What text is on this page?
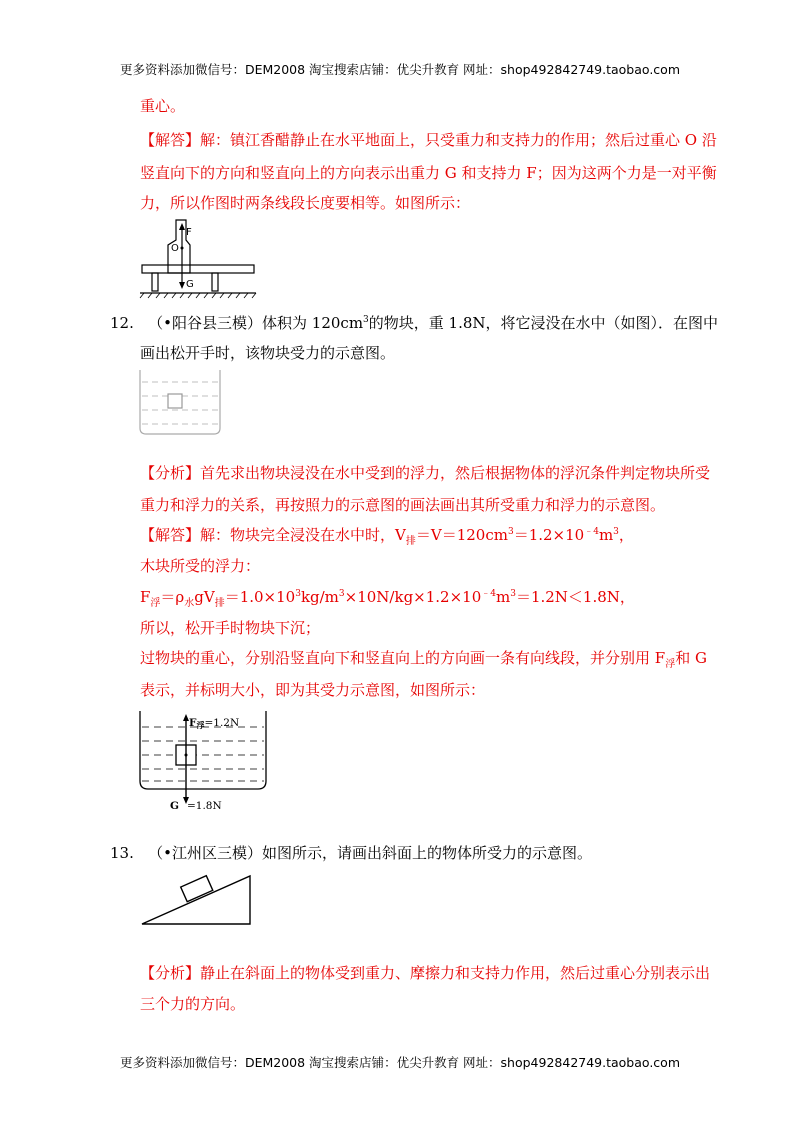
更多资料添加微信号：DEM2008 淘宝搜索店铺：优尖升教育 网址：shop492842749.taobao.com
重心。
【解答】解：镇江香醋静止在水平地面上，只受重力和支持力的作用；然后过重心 O 沿
竖直向下的方向和竖直向上的方向表示出重力 G 和支持力 F；因为这两个力是一对平衡
力，所以作图时两条线段长度要相等。如图所示：
F
O
G
12. （•阳谷县三模）体积为 $120cm^3$的物块，重 1.8N，将它浸没在水中（如图）．在图中
画出松开手时，该物块受力的示意图。
【分析】首先求出物块浸没在水中受到的浮力，然后根据物体的浮沉条件判定物块所受
重力和浮力的关系，再按照力的示意图的画法画出其所受重力和浮力的示意图。
【解答】解：物块完全浸没在水中时，$V_排=V=120cm^3=1.2\times 10^{﹣4}m^3$，
木块所受的浮力：
$F_浮=\rho_水gV_排=1.0\times 10^3kg/m^3\times 10N/kg\times 1.2\times 10^{﹣4}m^3=1.2N<1.8N$，
所以，松开手时物块下沉；
过物块的重心，分别沿竖直向下和竖直向上的方向画一条有向线段，并分别用 $F_浮$和 G
表示，并标明大小，即为其受力示意图，如图所示：
F浮=1.2N
G =1.8N
13. （•江州区三模）如图所示，请画出斜面上的物体所受力的示意图。
【分析】静止在斜面上的物体受到重力、摩擦力和支持力作用，然后过重心分别表示出
三个力的方向。
更多资料添加微信号：DEM2008 淘宝搜索店铺：优尖升教育 网址：shop492842749.taobao.com
